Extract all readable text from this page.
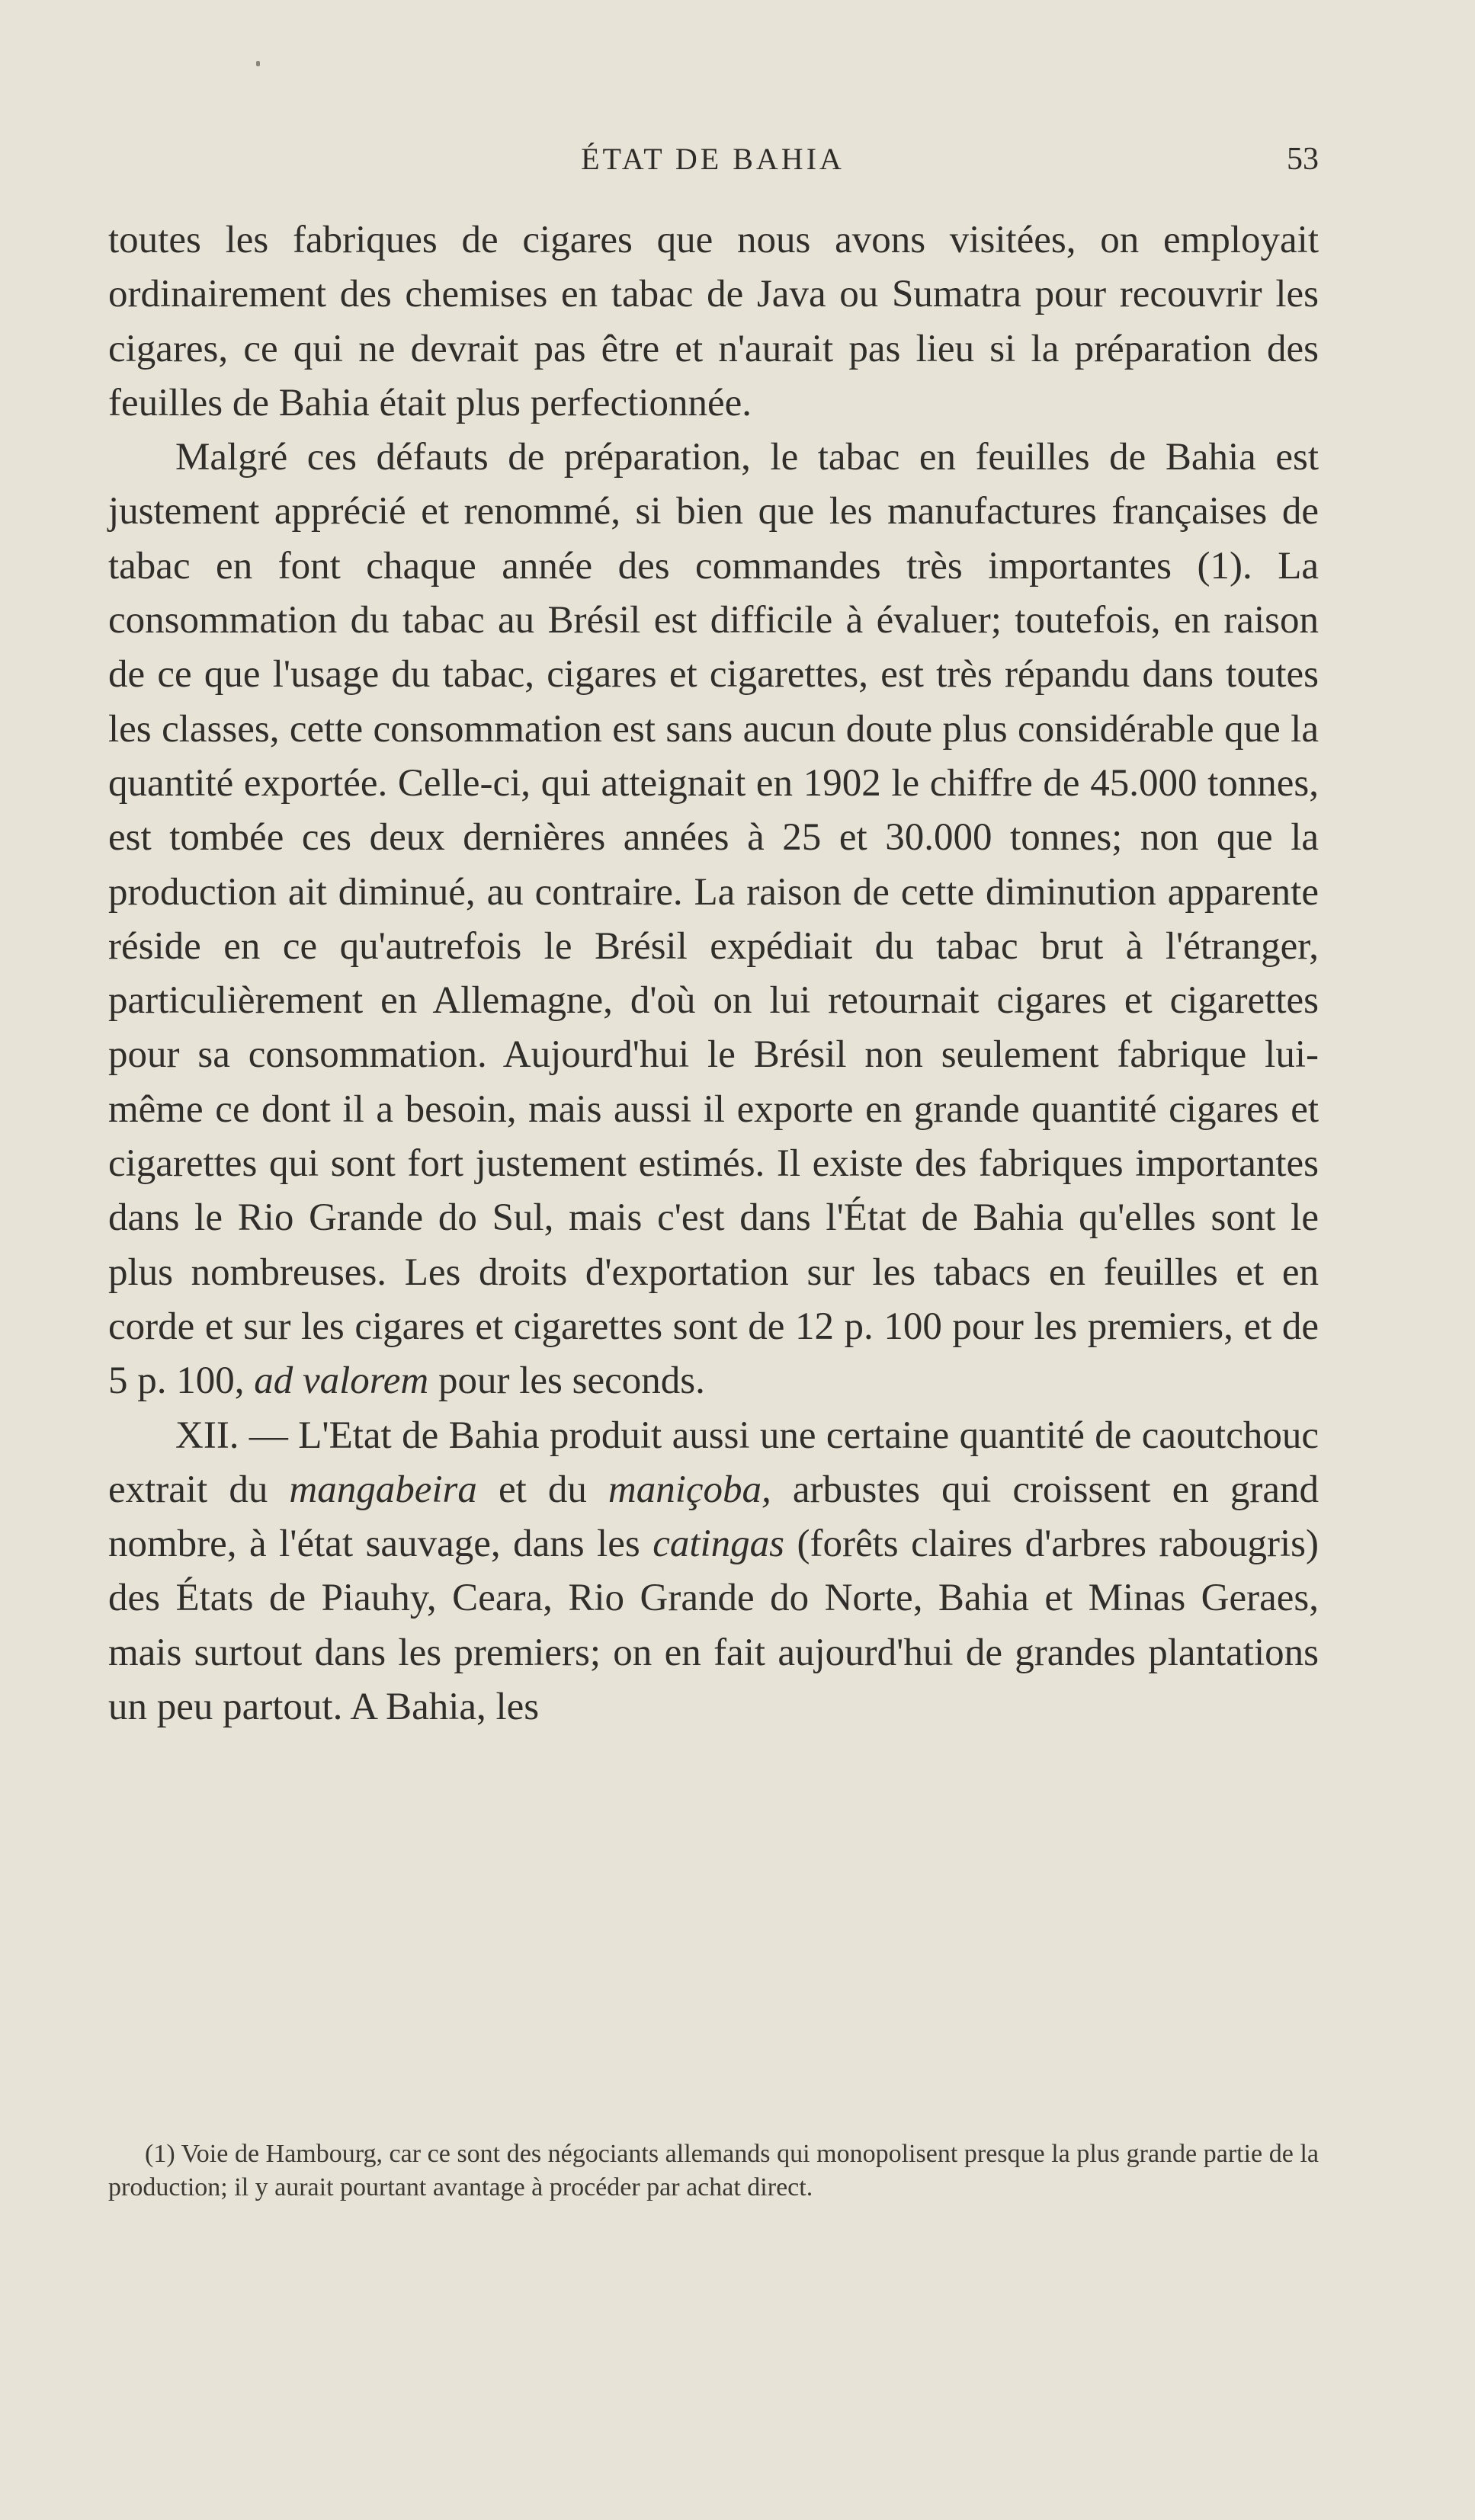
ÉTAT DE BAHIA	53

toutes les fabriques de cigares que nous avons visitées, on employait ordinairement des chemises en tabac de Java ou Sumatra pour recouvrir les cigares, ce qui ne devrait pas être et n'aurait pas lieu si la préparation des feuilles de Bahia était plus perfectionnée.

Malgré ces défauts de préparation, le tabac en feuilles de Bahia est justement apprécié et renommé, si bien que les manufactures françaises de tabac en font chaque année des commandes très importantes (1). La consommation du tabac au Brésil est difficile à évaluer; toutefois, en raison de ce que l'usage du tabac, cigares et cigarettes, est très répandu dans toutes les classes, cette consommation est sans aucun doute plus considérable que la quantité exportée. Celle-ci, qui atteignait en 1902 le chiffre de 45.000 tonnes, est tombée ces deux dernières années à 25 et 30.000 tonnes; non que la production ait diminué, au contraire. La raison de cette diminution apparente réside en ce qu'autrefois le Brésil expédiait du tabac brut à l'étranger, particulièrement en Allemagne, d'où on lui retournait cigares et cigarettes pour sa consommation. Aujourd'hui le Brésil non seulement fabrique lui-même ce dont il a besoin, mais aussi il exporte en grande quantité cigares et cigarettes qui sont fort justement estimés. Il existe des fabriques importantes dans le Rio Grande do Sul, mais c'est dans l'État de Bahia qu'elles sont le plus nombreuses. Les droits d'exportation sur les tabacs en feuilles et en corde et sur les cigares et cigarettes sont de 12 p. 100 pour les premiers, et de 5 p. 100, ad valorem pour les seconds.

XII. — L'Etat de Bahia produit aussi une certaine quantité de caoutchouc extrait du mangabeira et du maniçoba, arbustes qui croissent en grand nombre, à l'état sauvage, dans les catingas (forêts claires d'arbres rabougris) des États de Piauhy, Ceara, Rio Grande do Norte, Bahia et Minas Geraes, mais surtout dans les premiers; on en fait aujourd'hui de grandes plantations un peu partout. A Bahia, les

(1) Voie de Hambourg, car ce sont des négociants allemands qui monopolisent presque la plus grande partie de la production; il y aurait pourtant avantage à procéder par achat direct.
